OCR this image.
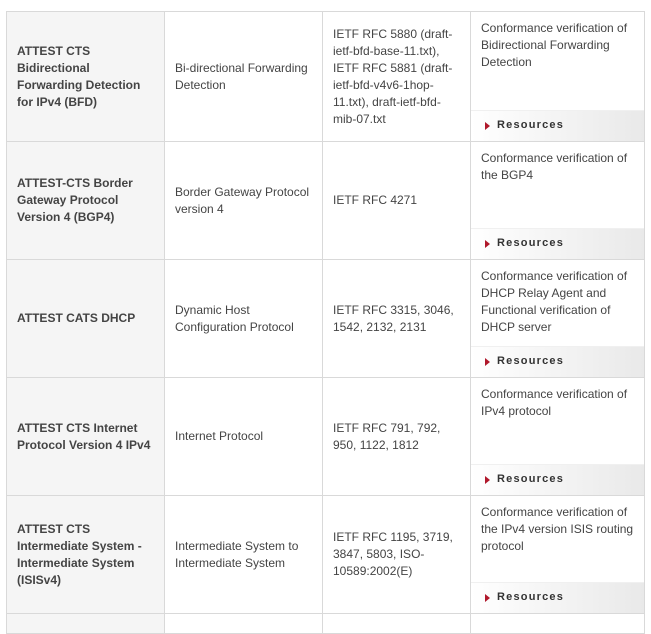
ATTEST CTS Bidirectional Forwarding Detection for IPv4 (BFD)	Bi-directional Forwarding Detection	IETF RFC 5880 (draft-ietf-bfd-base-11.txt), IETF RFC 5881 (draft-ietf-bfd-v4v6-1hop-11.txt), draft-ietf-bfd-mib-07.txt	Conformance verification of Bidirectional Forwarding Detection
Resources

ATTEST-CTS Border Gateway Protocol Version 4 (BGP4)	Border Gateway Protocol version 4	IETF RFC 4271	Conformance verification of the BGP4
Resources

ATTEST CATS DHCP	Dynamic Host Configuration Protocol	IETF RFC 3315, 3046, 1542, 2132, 2131	Conformance verification of DHCP Relay Agent and Functional verification of DHCP server
Resources

ATTEST CTS Internet Protocol Version 4 IPv4	Internet Protocol	IETF RFC 791, 792, 950, 1122, 1812	Conformance verification of IPv4 protocol
Resources

ATTEST CTS Intermediate System - Intermediate System (ISISv4)	Intermediate System to Intermediate System	IETF RFC 1195, 3719, 3847, 5803, ISO-10589:2002(E)	Conformance verification of the IPv4 version ISIS routing protocol
Resources
